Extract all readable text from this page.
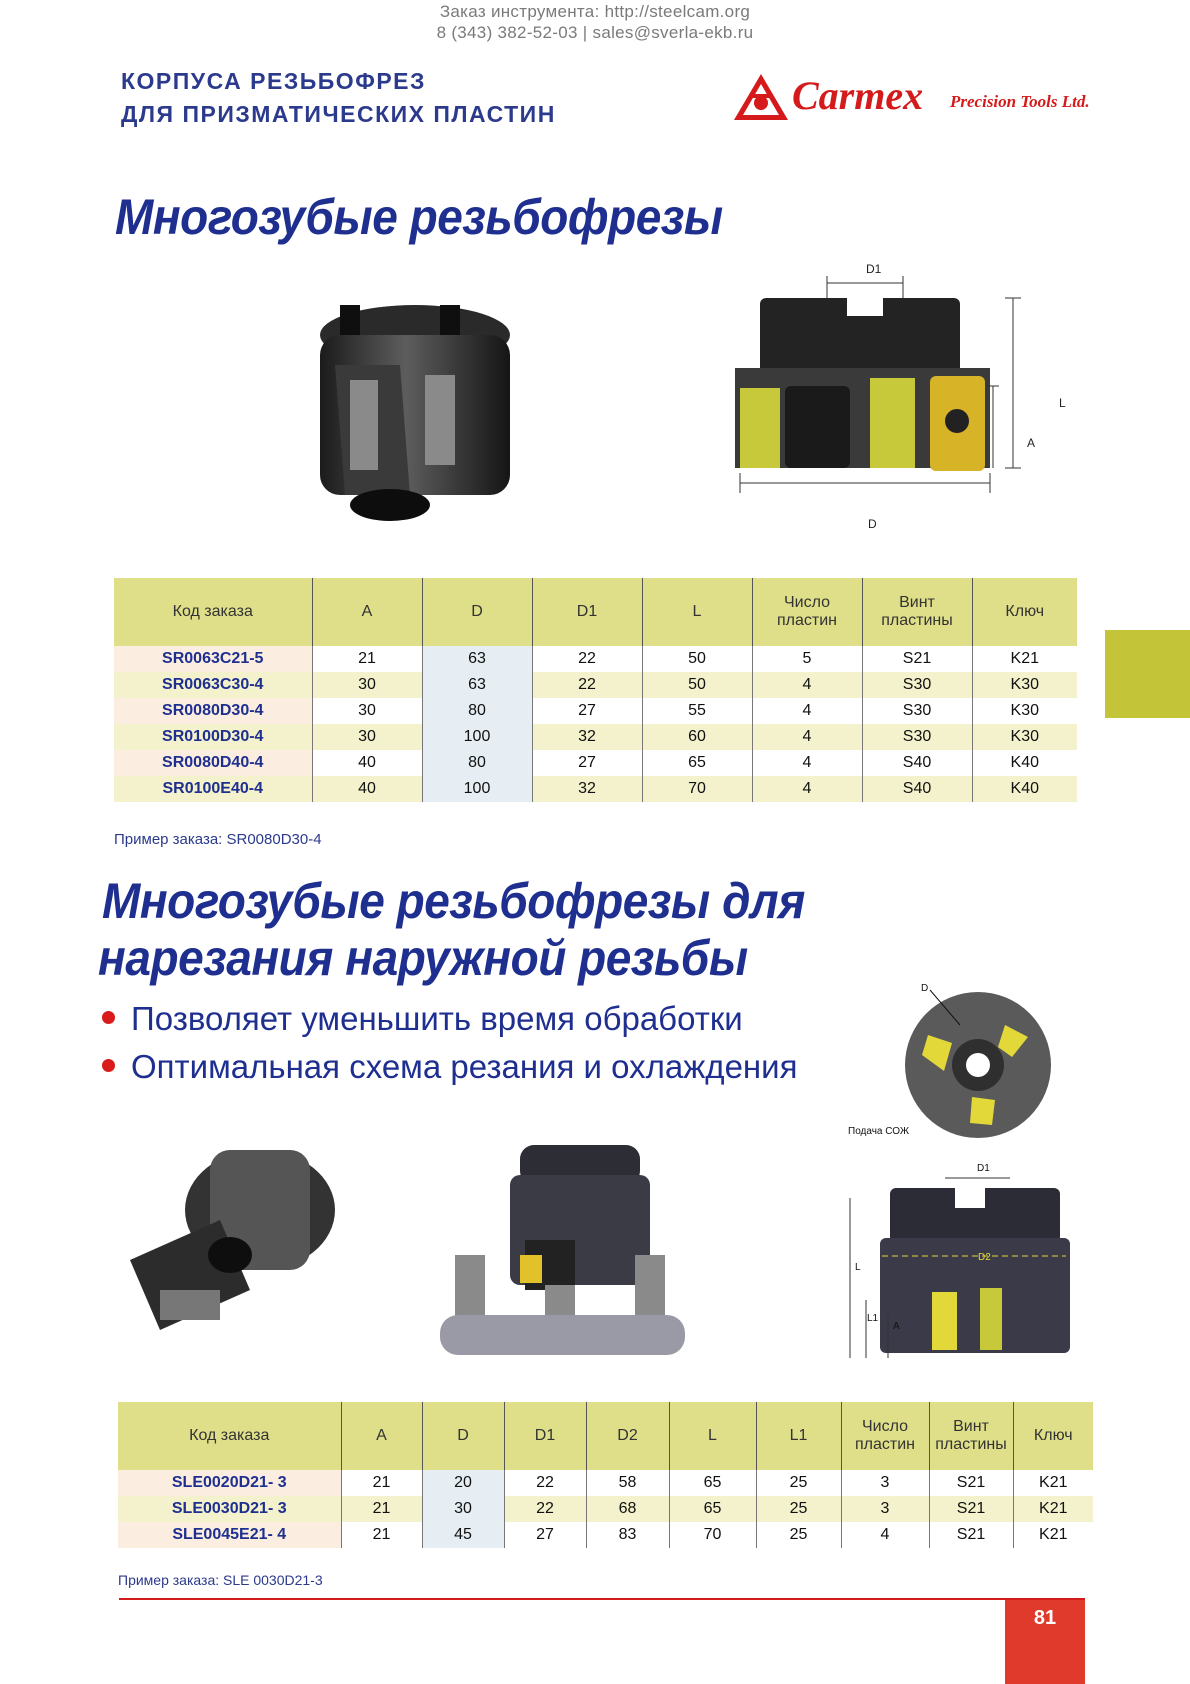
Заказ инструмента: http://steelcam.org
8 (343) 382-52-03 | sales@sverla-ekb.ru
КОРПУСА РЕЗЬБОФРЕЗ
ДЛЯ ПРИЗМАТИЧЕСКИХ ПЛАСТИН	Carmex Precision Tools Ltd.
Многозубые резьбофрезы
D1
L
A
D
Код заказа	A	D	D1	L	Число пластин	Винт пластины	Ключ
SR0063C21-5	21	63	22	50	5	S21	K21
SR0063C30-4	30	63	22	50	4	S30	K30
SR0080D30-4	30	80	27	55	4	S30	K30
SR0100D30-4	30	100	32	60	4	S30	K30
SR0080D40-4	40	80	27	65	4	S40	K40
SR0100E40-4	40	100	32	70	4	S40	K40
Пример заказа: SR0080D30-4
Многозубые резьбофрезы для
нарезания наружной резьбы
Позволяет уменьшить время обработки
Оптимальная схема резания и охлаждения
D
Подача СОЖ
D1
D2
L
L1
A
Код заказа	A	D	D1	D2	L	L1	Число пластин	Винт пластины	Ключ
SLE0020D21- 3	21	20	22	58	65	25	3	S21	K21
SLE0030D21- 3	21	30	22	68	65	25	3	S21	K21
SLE0045E21- 4	21	45	27	83	70	25	4	S21	K21
Пример заказа: SLE 0030D21-3
81
